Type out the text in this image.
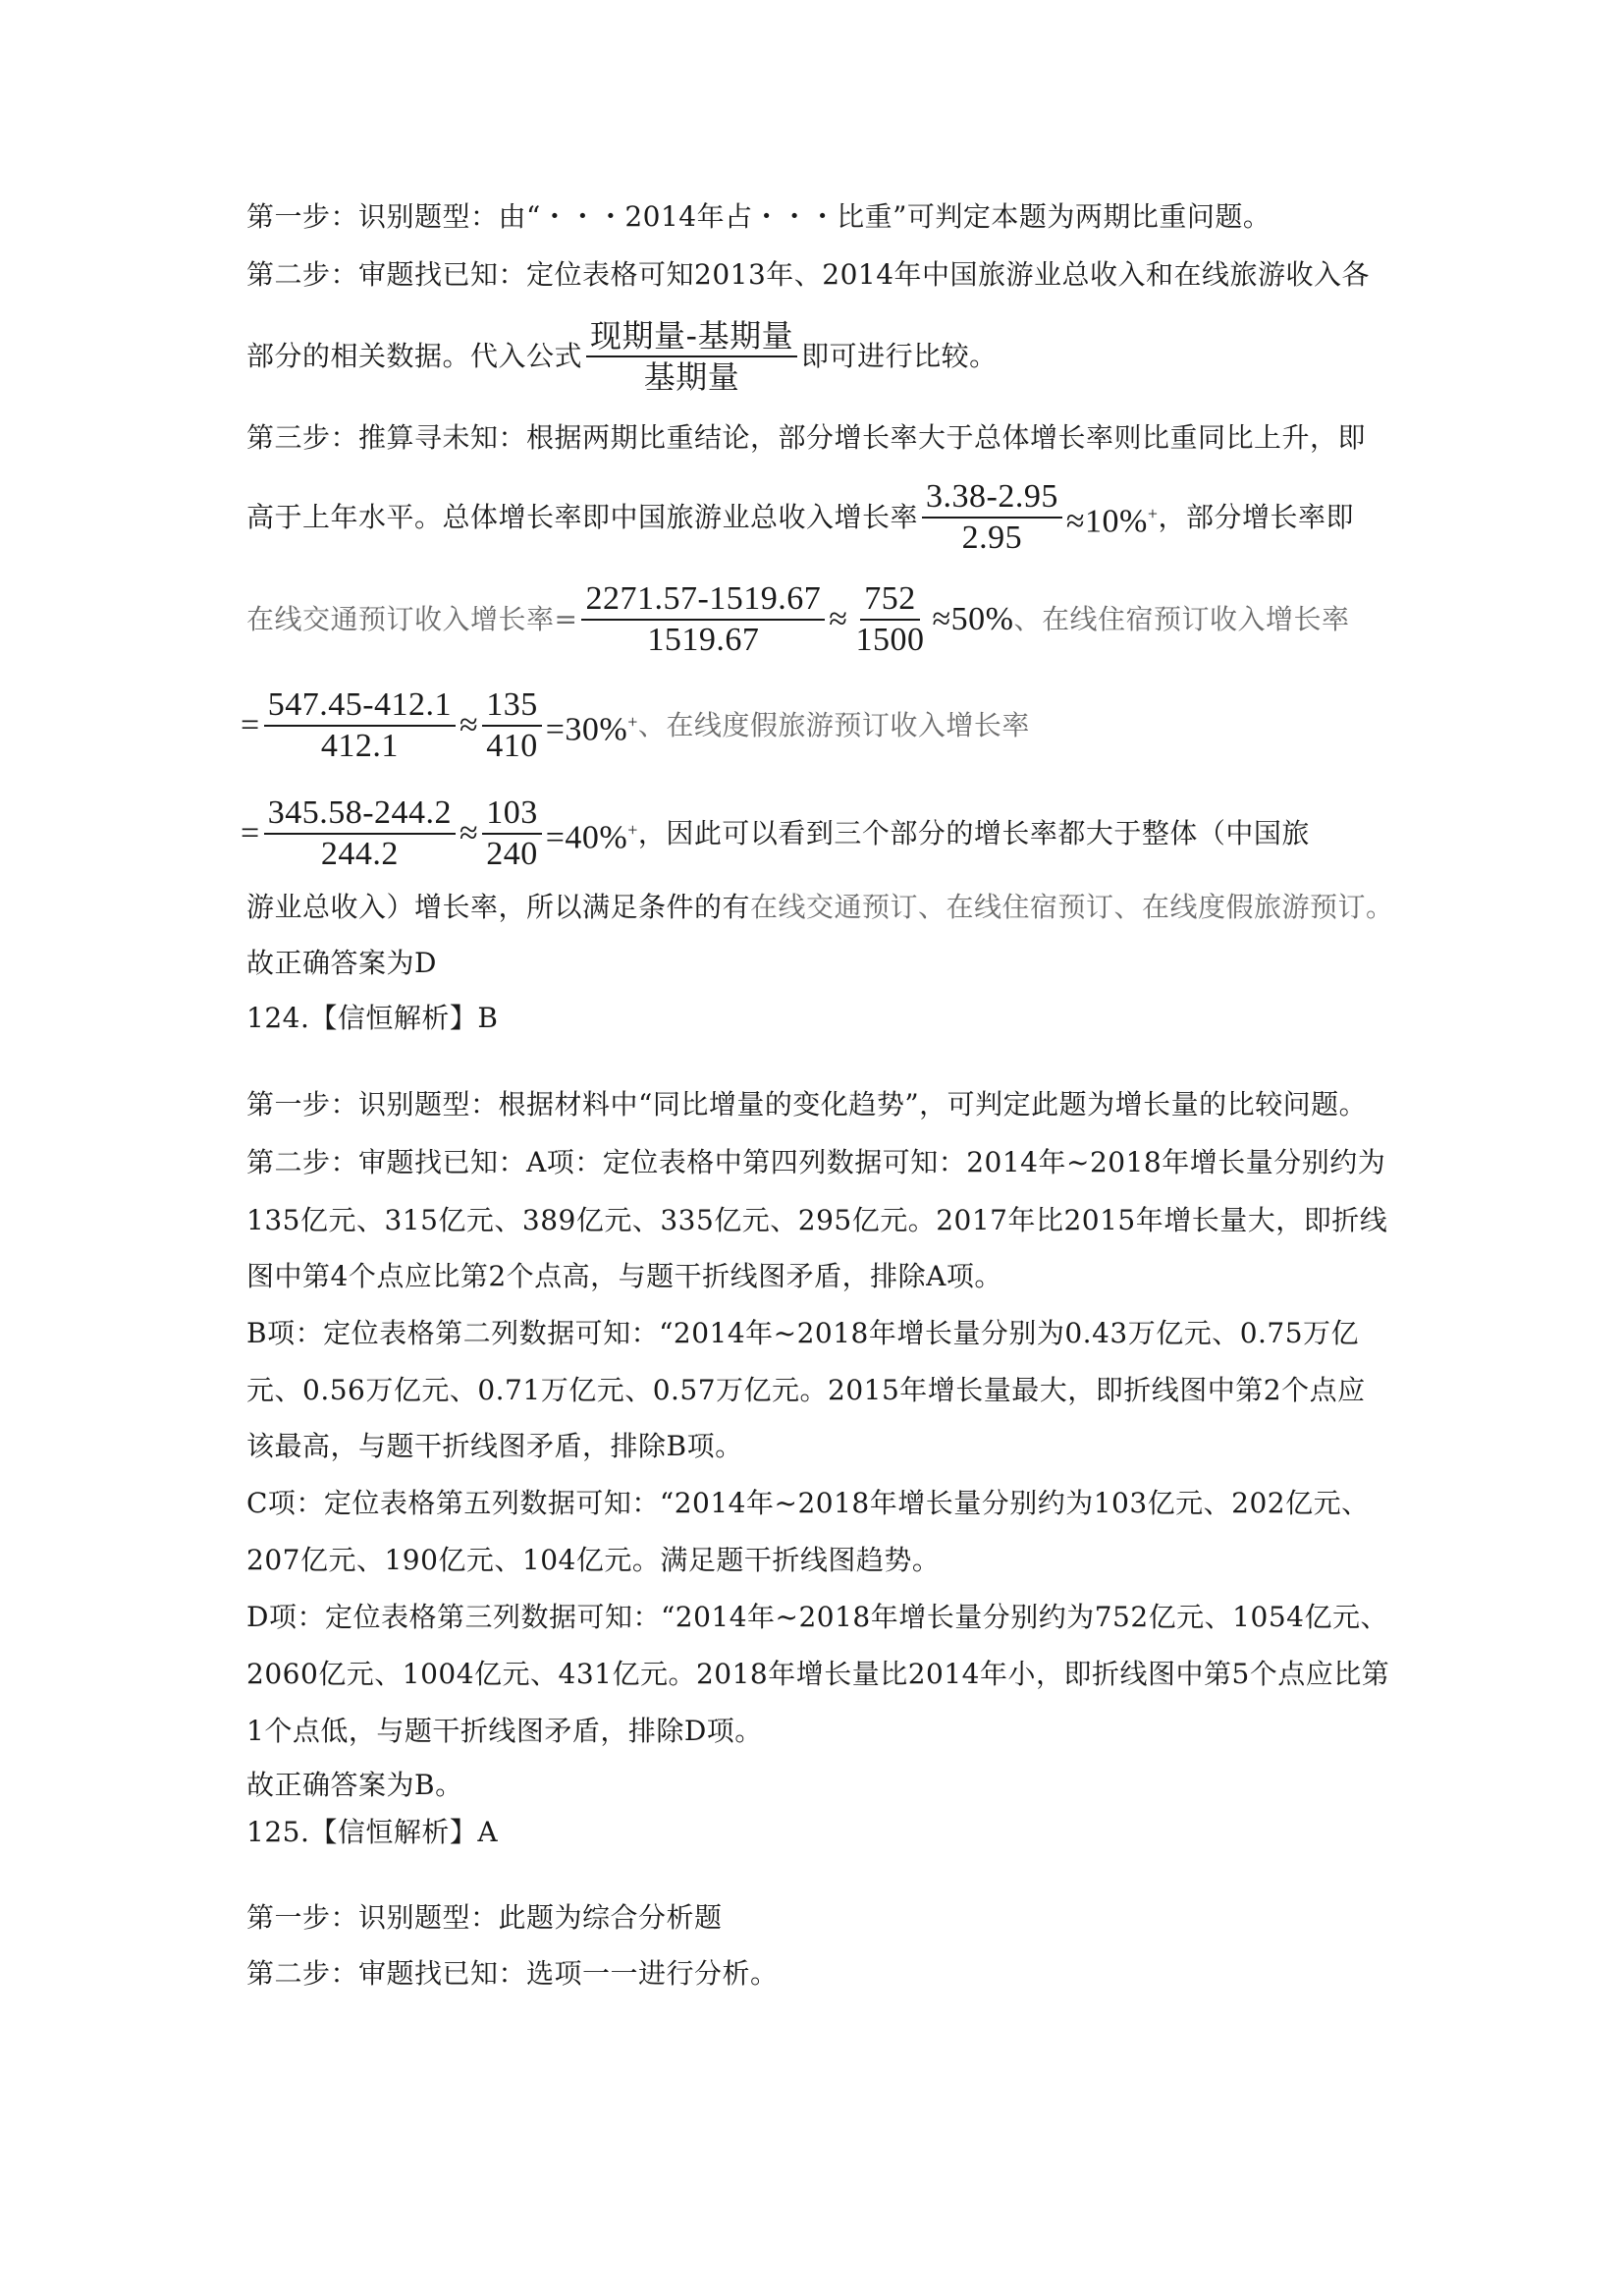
第一步：识别题型：由“・・・2014年占・・・比重”可判定本题为两期比重问题。
第二步：审题找已知：定位表格可知2013年、2014年中国旅游业总收入和在线旅游收入各
部分的相关数据。代入公式 $\frac{\text{现期量-基期量}}{\text{基期量}}$ 即可进行比较。
第三步：推算寻未知：根据两期比重结论，部分增长率大于总体增长率则比重同比上升，即
高于上年水平。总体增长率即中国旅游业总收入增长率 $\frac{3.38-2.95}{2.95} \approx 10\%^+$ ，部分增长率即
在线交通预订收入增长率= $\frac{2271.57-1519.67}{1519.67} \approx \frac{752}{1500} \approx 50\%$ 、在线住宿预订收入增长率
= $\frac{547.45-412.1}{412.1} \approx \frac{135}{410} =30\%^+$ 、在线度假旅游预订收入增长率
= $\frac{345.58-244.2}{244.2} \approx \frac{103}{240} =40\%^+$ ，因此可以看到三个部分的增长率都大于整体（中国旅
游业总收入）增长率，所以满足条件的有在线交通预订、在线住宿预订、在线度假旅游预订。
故正确答案为D
124.【信恒解析】B
第一步：识别题型：根据材料中“同比增量的变化趋势”，可判定此题为增长量的比较问题。
第二步：审题找已知：A项：定位表格中第四列数据可知：2014年~2018年增长量分别约为
135亿元、315亿元、389亿元、335亿元、295亿元。2017年比2015年增长量大，即折线
图中第4个点应比第2个点高，与题干折线图矛盾，排除A项。
B项：定位表格第二列数据可知：“2014年~2018年增长量分别为0.43万亿元、0.75万亿
元、0.56万亿元、0.71万亿元、0.57万亿元。2015年增长量最大，即折线图中第2个点应
该最高，与题干折线图矛盾，排除B项。
C项：定位表格第五列数据可知：“2014年~2018年增长量分别约为103亿元、202亿元、
207亿元、190亿元、104亿元。满足题干折线图趋势。
D项：定位表格第三列数据可知：“2014年~2018年增长量分别约为752亿元、1054亿元、
2060亿元、1004亿元、431亿元。2018年增长量比2014年小，即折线图中第5个点应比第
1个点低，与题干折线图矛盾，排除D项。
故正确答案为B。
125.【信恒解析】A
第一步：识别题型：此题为综合分析题
第二步：审题找已知：选项一一进行分析。
